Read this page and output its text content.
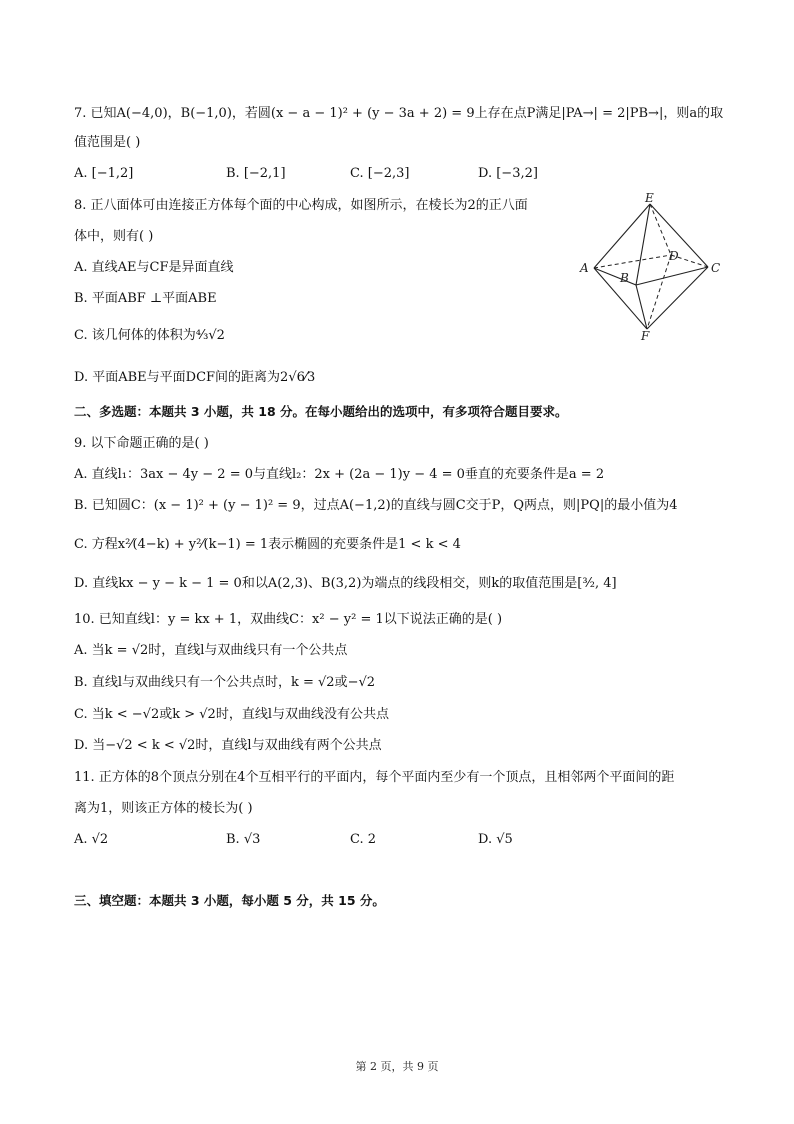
7. 已知A(−4,0)，B(−1,0)，若圆(x − a − 1)² + (y − 3a + 2) = 9上存在点P满足|PA→| = 2|PB→|，则a的取
值范围是( )
A. [−1,2]	B. [−2,1]	C. [−2,3]	D. [−3,2]
8. 正八面体可由连接正方体每个面的中心构成，如图所示，在棱长为2的正八面
体中，则有( )
A. 直线AE与CF是异面直线
B. 平面ABF ⊥平面ABE
C. 该几何体的体积为⁴⁄₃√2
D. 平面ABE与平面DCF间的距离为2√6⁄3
E
D
A
B
C
F
二、多选题：本题共 3 小题，共 18 分。在每小题给出的选项中，有多项符合题目要求。
9. 以下命题正确的是( )
A. 直线l₁：3ax − 4y − 2 = 0与直线l₂：2x + (2a − 1)y − 4 = 0垂直的充要条件是a = 2
B. 已知圆C：(x − 1)² + (y − 1)² = 9，过点A(−1,2)的直线与圆C交于P，Q两点，则|PQ|的最小值为4
C. 方程x²⁄(4−k) + y²⁄(k−1) = 1表示椭圆的充要条件是1 < k < 4
D. 直线kx − y − k − 1 = 0和以A(2,3)、B(3,2)为端点的线段相交，则k的取值范围是[³⁄₂, 4]
10. 已知直线l：y = kx + 1，双曲线C：x² − y² = 1以下说法正确的是( )
A. 当k = √2时，直线l与双曲线只有一个公共点
B. 直线l与双曲线只有一个公共点时，k = √2或−√2
C. 当k < −√2或k > √2时，直线l与双曲线没有公共点
D. 当−√2 < k < √2时，直线l与双曲线有两个公共点
11. 正方体的8个顶点分别在4个互相平行的平面内，每个平面内至少有一个顶点，且相邻两个平面间的距
离为1，则该正方体的棱长为( )
A. √2	B. √3	C. 2	D. √5
三、填空题：本题共 3 小题，每小题 5 分，共 15 分。
第 2 页，共 9 页
